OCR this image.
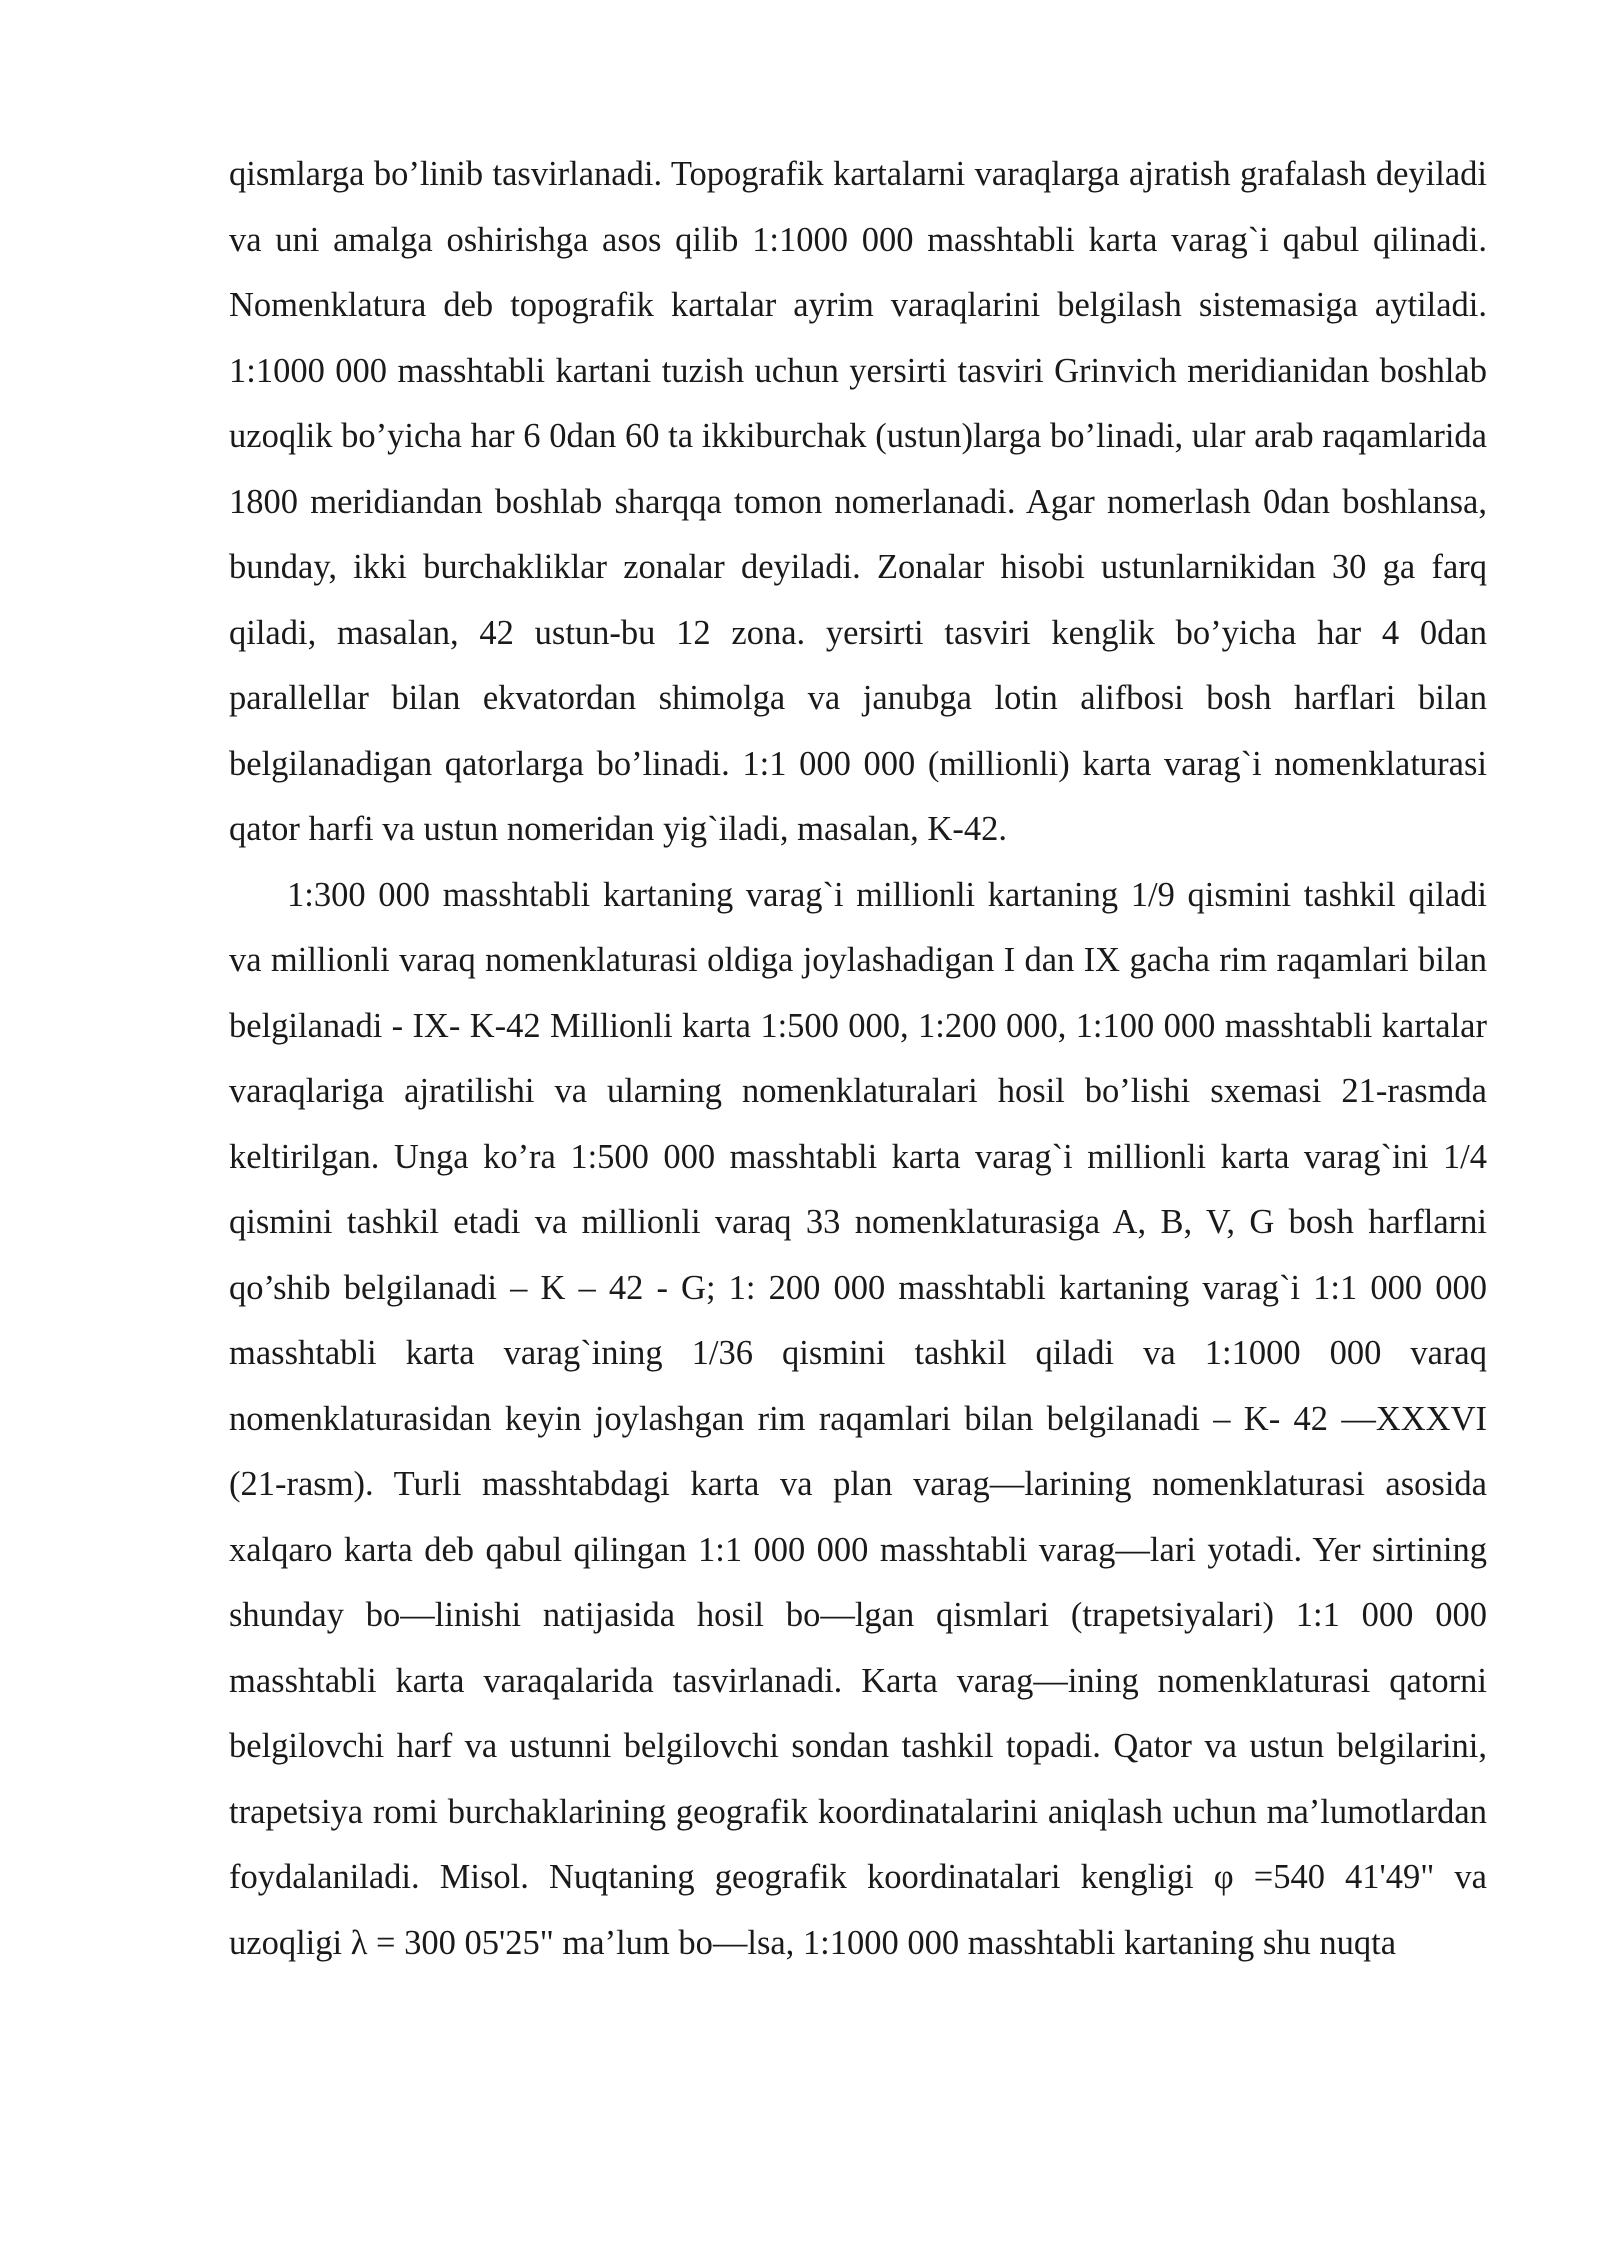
qismlarga bo’linib tasvirlanadi. Topografik kartalarni varaqlarga ajratish grafalash deyiladi va uni amalga oshirishga asos qilib 1:1000 000 masshtabli karta varag`i qabul qilinadi. Nomenklatura deb topografik kartalar ayrim varaqlarini belgilash sistemasiga aytiladi. 1:1000 000 masshtabli kartani tuzish uchun yersirti tasviri Grinvich meridianidan boshlab uzoqlik bo’yicha har 6 0dan 60 ta ikkiburchak (ustun)larga bo’linadi, ular arab raqamlarida 1800 meridiandan boshlab sharqqa tomon nomerlanadi. Agar nomerlash 0dan boshlansa, bunday, ikki burchakliklar zonalar deyiladi. Zonalar hisobi ustunlarnikidan 30 ga farq qiladi, masalan, 42 ustun-bu 12 zona. yersirti tasviri kenglik bo’yicha har 4 0dan parallellar bilan ekvatordan shimolga va janubga lotin alifbosi bosh harflari bilan belgilanadigan qatorlarga bo’linadi. 1:1 000 000 (millionli) karta varag`i nomenklaturasi qator harfi va ustun nomeridan yig`iladi, masalan, K-42.

1:300 000 masshtabli kartaning varag`i millionli kartaning 1/9 qismini tashkil qiladi va millionli varaq nomenklaturasi oldiga joylashadigan I dan IX gacha rim raqamlari bilan belgilanadi - IX- K-42 Millionli karta 1:500 000, 1:200 000, 1:100 000 masshtabli kartalar varaqlariga ajratilishi va ularning nomenklaturalari hosil bo’lishi sxemasi 21-rasmda keltirilgan. Unga ko’ra 1:500 000 masshtabli karta varag`i millionli karta varag`ini 1/4 qismini tashkil etadi va millionli varaq 33 nomenklaturasiga A, B, V, G bosh harflarni qo’shib belgilanadi – K – 42 - G; 1: 200 000 masshtabli kartaning varag`i 1:1 000 000 masshtabli karta varag`ining 1/36 qismini tashkil qiladi va 1:1000 000 varaq nomenklaturasidan keyin joylashgan rim raqamlari bilan belgilanadi – K- 42 —XXXVI (21-rasm). Turli masshtabdagi karta va plan varag—larining nomenklaturasi asosida xalqaro karta deb qabul qilingan 1:1 000 000 masshtabli varag—lari yotadi. Yer sirtining shunday bo—linishi natijasida hosil bo—lgan qismlari (trapetsiyalari) 1:1 000 000 masshtabli karta varaqalarida tasvirlanadi. Karta varag—ining nomenklaturasi qatorni belgilovchi harf va ustunni belgilovchi sondan tashkil topadi. Qator va ustun belgilarini, trapetsiya romi burchaklarining geografik koordinatalarini aniqlash uchun ma’lumotlardan foydalaniladi. Misol. Nuqtaning geografik koordinatalari kengligi φ =540 41'49" va uzoqligi λ = 300 05'25" ma’lum bo—lsa, 1:1000 000 masshtabli kartaning shu nuqta
